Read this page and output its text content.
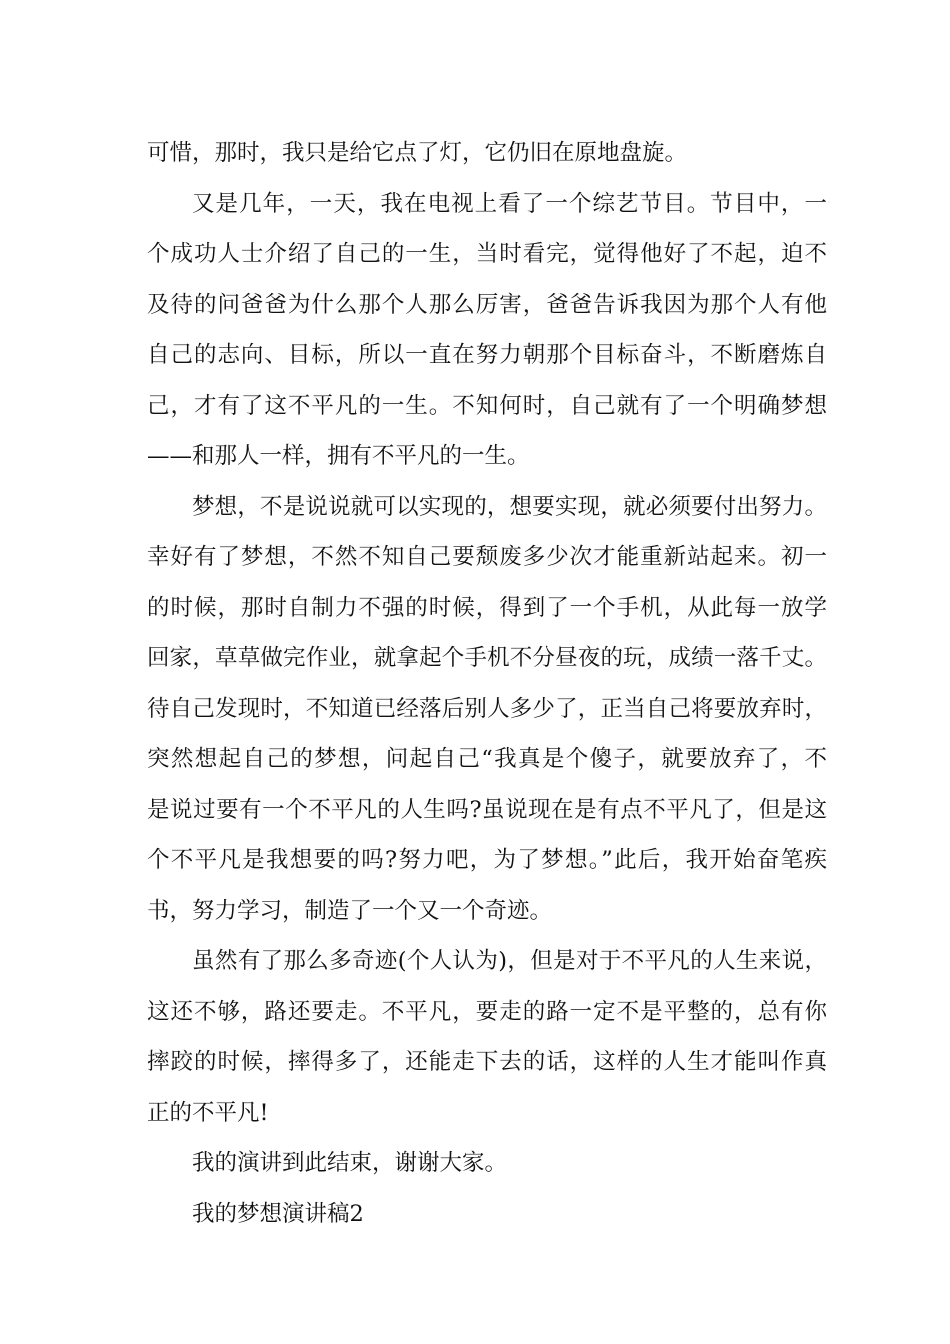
可惜，那时，我只是给它点了灯，它仍旧在原地盘旋。
又是几年，一天，我在电视上看了一个综艺节目。节目中，一
个成功人士介绍了自己的一生，当时看完，觉得他好了不起，迫不
及待的问爸爸为什么那个人那么厉害，爸爸告诉我因为那个人有他
自己的志向、目标，所以一直在努力朝那个目标奋斗，不断磨炼自
己，才有了这不平凡的一生。不知何时，自己就有了一个明确梦想
——和那人一样，拥有不平凡的一生。
梦想，不是说说就可以实现的，想要实现，就必须要付出努力。
幸好有了梦想，不然不知自己要颓废多少次才能重新站起来。初一
的时候，那时自制力不强的时候，得到了一个手机，从此每一放学
回家，草草做完作业，就拿起个手机不分昼夜的玩，成绩一落千丈。
待自己发现时，不知道已经落后别人多少了，正当自己将要放弃时，
突然想起自己的梦想，问起自己“我真是个傻子，就要放弃了，不
是说过要有一个不平凡的人生吗?虽说现在是有点不平凡了，但是这
个不平凡是我想要的吗?努力吧，为了梦想。”此后，我开始奋笔疾
书，努力学习，制造了一个又一个奇迹。
虽然有了那么多奇迹(个人认为)，但是对于不平凡的人生来说，
这还不够，路还要走。不平凡，要走的路一定不是平整的，总有你
摔跤的时候，摔得多了，还能走下去的话，这样的人生才能叫作真
正的不平凡!
我的演讲到此结束，谢谢大家。
我的梦想演讲稿2
